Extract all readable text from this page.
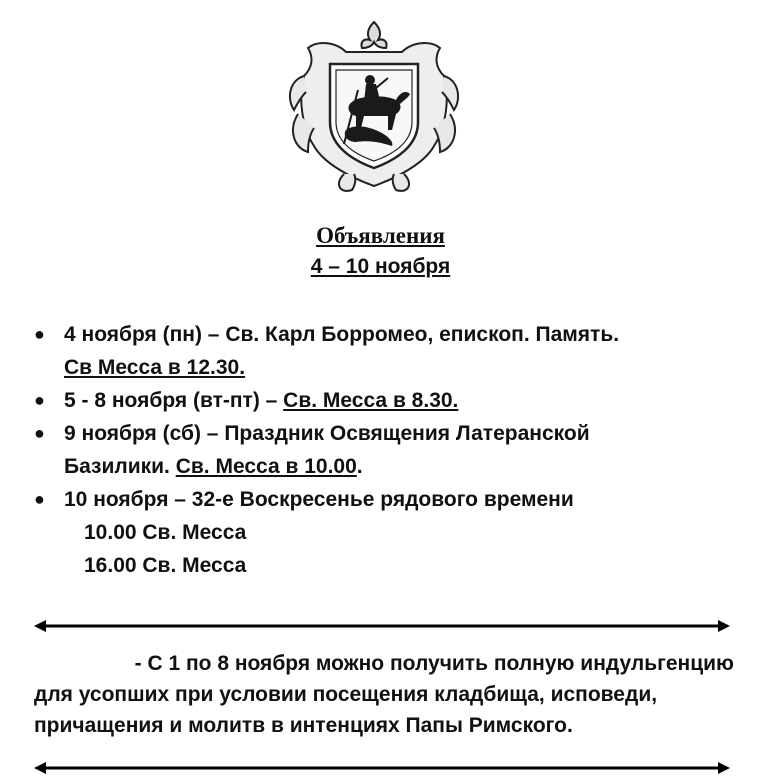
Объявления
4 – 10 ноября
● 4 ноября (пн) – Св. Карл Борромео, епископ. Память.
Св Месса в 12.30.
● 5 - 8 ноября (вт-пт) – Св. Месса в 8.30.
● 9 ноября (сб) – Праздник Освящения Латеранской
Базилики. Св. Месса в 10.00.
● 10 ноября – 32-е Воскресенье рядового времени
10.00 Св. Месса
16.00 Св. Месса
- С 1 по 8 ноября можно получить полную индульгенцию
для усопших при условии посещения кладбища, исповеди,
причащения и молитв в интенциях Папы Римского.
